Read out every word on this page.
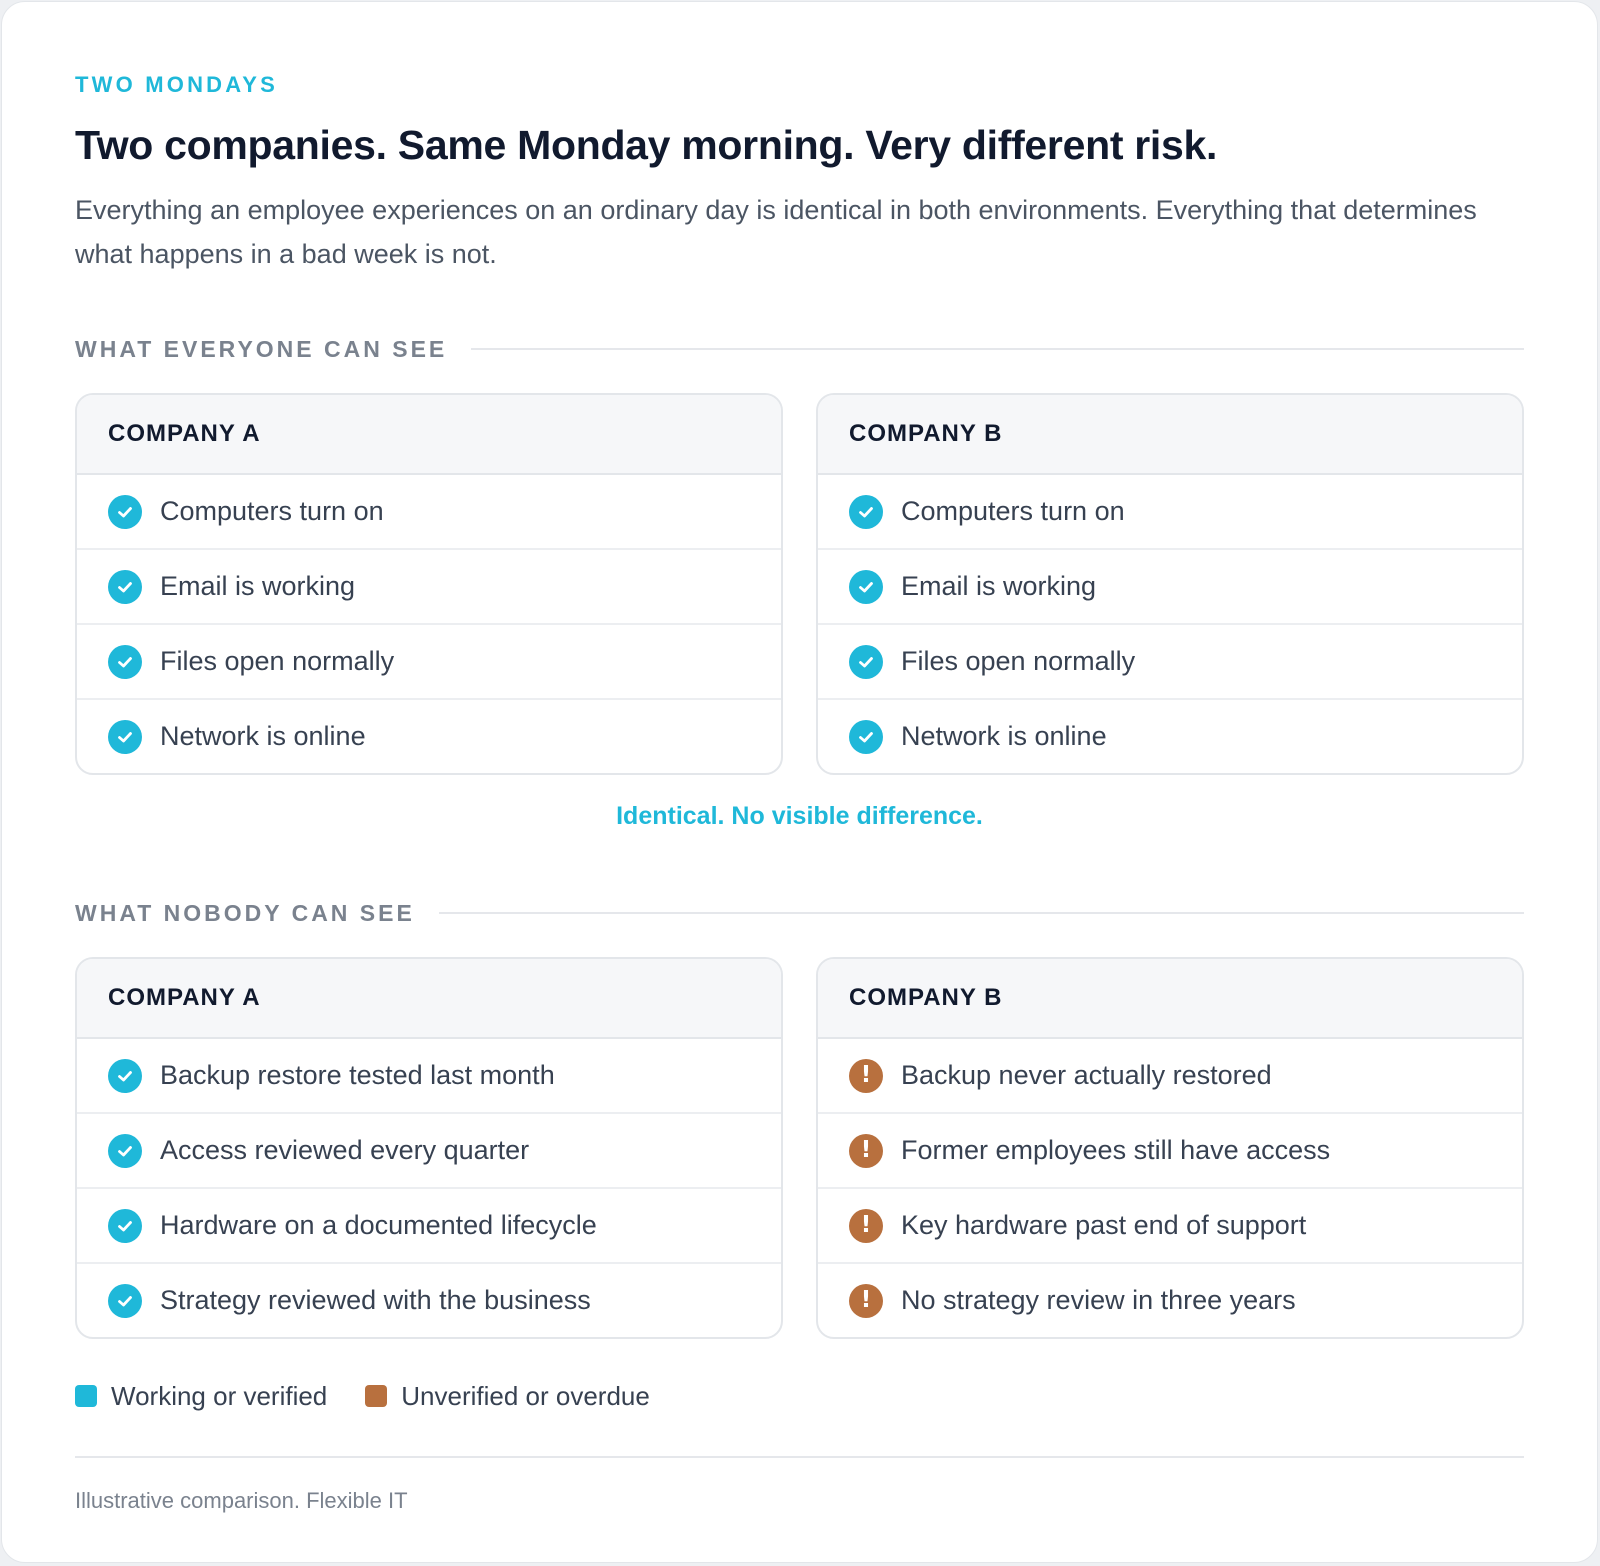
TWO MONDAYS
Two companies. Same Monday morning. Very different risk.

Everything an employee experiences on an ordinary day is identical in both environments. Everything that determines what happens in a bad week is not.

WHAT EVERYONE CAN SEE
COMPANY A
Computers turn on
Email is working
Files open normally
Network is online
COMPANY B
Computers turn on
Email is working
Files open normally
Network is online
Identical. No visible difference.
WHAT NOBODY CAN SEE
COMPANY A
Backup restore tested last month
Access reviewed every quarter
Hardware on a documented lifecycle
Strategy reviewed with the business
COMPANY B
! Backup never actually restored
! Former employees still have access
! Key hardware past end of support
! No strategy review in three years
Working or verified	Unverified or overdue
Illustrative comparison. Flexible IT
